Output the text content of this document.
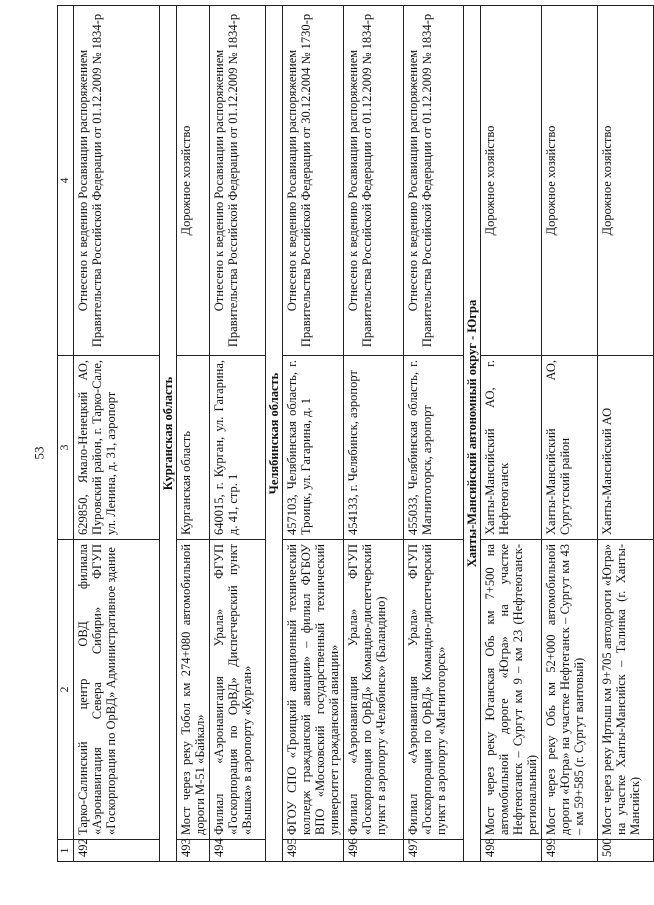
53
1	2	3	4
492	Тарко-Салинский центр ОВД филиала «Аэронавигация Севера Сибири» ФГУП «Госкорпорация по ОрВД» Административное здание	629850, Ямало-Ненецкий АО, Пуровский район, г. Тарко-Сале, ул. Ленина, д. 31, аэропорт	Отнесено к ведению Росавиации распоряжением Правительства Российской Федерации от 01.12.2009 № 1834-р
Курганская область			
493	Мост через реку Тобол км 274+080 автомобильной дороги М-51 «Байкал»	Курганская область	Дорожное хозяйство
494	Филиал «Аэронавигация Урала» ФГУП «Госкорпорация по ОрВД» Диспетчерский пункт «Вышка» в аэропорту «Курган»	640015, г. Курган, ул. Гагарина, д. 41, стр. 1	Отнесено к ведению Росавиации распоряжением Правительства Российской Федерации от 01.12.2009 № 1834-р
Челябинская область			
495	ФГОУ СПО «Троицкий авиационный технический колледж гражданской авиации» – филиал ФГБОУ ВПО «Московский государственный технический университет гражданской авиации»	457103, Челябинская область, г. Троицк, ул. Гагарина, д. 1	Отнесено к ведению Росавиации распоряжением Правительства Российской Федерации от 30.12.2004 № 1730-р
496	Филиал «Аэронавигация Урала» ФГУП «Госкорпорация по ОрВД» Командно-диспетчерский пункт в аэропорту «Челябинск» (Баландино)	454133, г. Челябинск, аэропорт	Отнесено к ведению Росавиации распоряжением Правительства Российской Федерации от 01.12.2009 № 1834-р
497	Филиал «Аэронавигация Урала» ФГУП «Госкорпорация по ОрВД» Командно-диспетчерский пункт в аэропорту «Магнитогорск»	455033, Челябинская область, г. Магнитогорск, аэропорт	Отнесено к ведению Росавиации распоряжением Правительства Российской Федерации от 01.12.2009 № 1834-р
Ханты-Мансийский автономный округ - Югра			
498	Мост через реку Юганская Обь км 7+500 на автомобильной дороге «Югра» на участке Нефтеюганск – Сургут км 9 – км 23 (Нефтеюганск-региональный)	Ханты-Мансийский АО, г. Нефтеюганск	Дорожное хозяйство
499	Мост через реку Обь км 52+000 автомобильной дороги «Югра» на участке Нефтеганск – Сургут км 43 – км 59+585 (г. Сургут вантовый)	Ханты-Мансийский АО, Сургутский район	Дорожное хозяйство
500	Мост через реку Иртыш км 9+705 автодороги «Югра» на участке Ханты-Мансийск – Талинка (г. Ханты-Мансийск)	Ханты-Мансийский АО	Дорожное хозяйство
